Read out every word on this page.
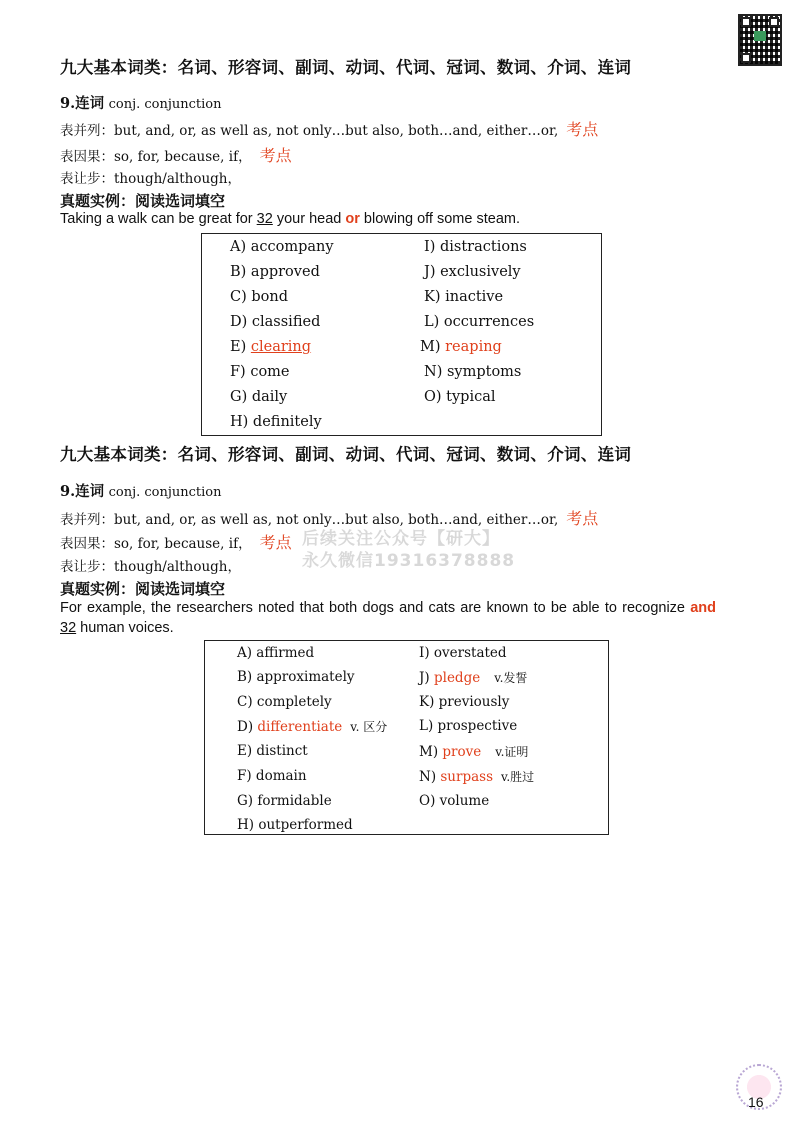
九大基本词类：名词、形容词、副词、动词、代词、冠词、数词、介词、连词
9.连词 conj. conjunction
表并列：but, and, or, as well as, not only…but also, both…and, either…or, 考点
表因果：so, for, because, if， 考点
表让步：though/although，
真题实例：阅读选词填空
Taking a walk can be great for 32 your head or blowing off some steam.
A) accompany
B) approved
C) bond
D) classified
E) clearing
F) come
G) daily
H) definitely
I) distractions
J) exclusively
K) inactive
L) occurrences
M) reaping
N) symptoms
O) typical
九大基本词类：名词、形容词、副词、动词、代词、冠词、数词、介词、连词
9.连词 conj. conjunction
表并列：but, and, or, as well as, not only…but also, both…and, either…or, 考点
表因果：so, for, because, if， 考点
表让步：though/although，
后续关注公众号【研大】
永久微信19316378888
真题实例：阅读选词填空
For example, the researchers noted that both dogs and cats are known to be able to recognize and 32 human voices.
A) affirmed
B) approximately
C) completely
D) differentiate v. 区分
E) distinct
F) domain
G) formidable
H) outperformed
I) overstated
J) pledge v.发誓
K) previously
L) prospective
M) prove v.证明
N) surpass v.胜过
O) volume
16
